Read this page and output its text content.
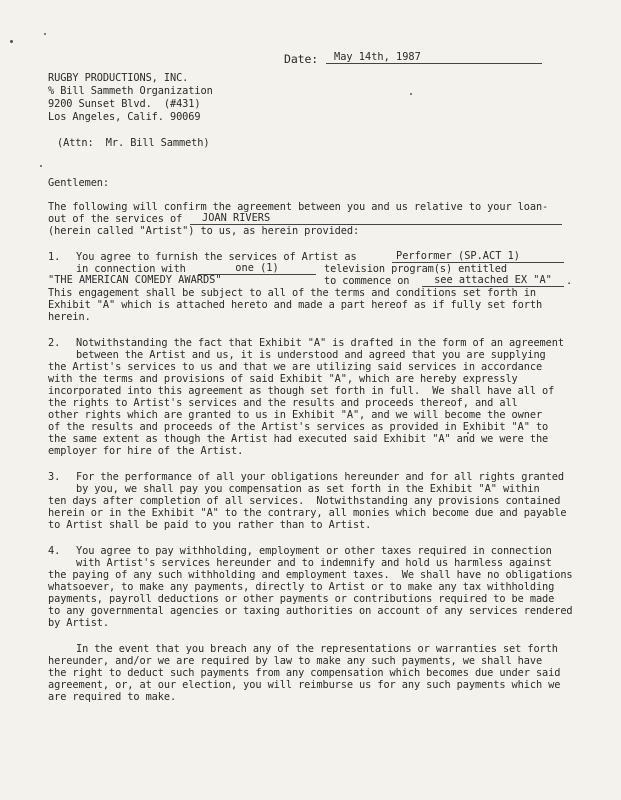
Date:	May 14th, 1987
RUGBY PRODUCTIONS, INC.
% Bill Sammeth Organization
9200 Sunset Blvd.  (#431)
Los Angeles, Calif. 90069
(Attn:  Mr. Bill Sammeth)
Gentlemen:
The following will confirm the agreement between you and us relative to your loan-
out of the services of	JOAN RIVERS
(herein called "Artist") to us, as herein provided:
1. You agree to furnish the services of Artist as	Performer (SP.ACT 1)
in connection with	one (1)	television program(s) entitled
"THE AMERICAN COMEDY AWARDS"	to commence on	see attached EX "A"	.
This engagement shall be subject to all of the terms and conditions set forth in
Exhibit "A" which is attached hereto and made a part hereof as if fully set forth
herein.
2. Notwithstanding the fact that Exhibit "A" is drafted in the form of an agreement
between the Artist and us, it is understood and agreed that you are supplying
the Artist's services to us and that we are utilizing said services in accordance
with the terms and provisions of said Exhibit "A", which are hereby expressly
incorporated into this agreement as though set forth in full.  We shall have all of
the rights to Artist's services and the results and proceeds thereof, and all
other rights which are granted to us in Exhibit "A", and we will become the owner
of the results and proceeds of the Artist's services as provided in Exhibit "A" to
the same extent as though the Artist had executed said Exhibit "A" and we were the
employer for hire of the Artist.
3. For the performance of all your obligations hereunder and for all rights granted
by you, we shall pay you compensation as set forth in the Exhibit "A" within
ten days after completion of all services.  Notwithstanding any provisions contained
herein or in the Exhibit "A" to the contrary, all monies which become due and payable
to Artist shall be paid to you rather than to Artist.
4. You agree to pay withholding, employment or other taxes required in connection
with Artist's services hereunder and to indemnify and hold us harmless against
the paying of any such withholding and employment taxes.  We shall have no obligations
whatsoever, to make any payments, directly to Artist or to make any tax withholding
payments, payroll deductions or other payments or contributions required to be made
to any governmental agencies or taxing authorities on account of any services rendered
by Artist.
In the event that you breach any of the representations or warranties set forth
hereunder, and/or we are required by law to make any such payments, we shall have
the right to deduct such payments from any compensation which becomes due under said
agreement, or, at our election, you will reimburse us for any such payments which we
are required to make.
